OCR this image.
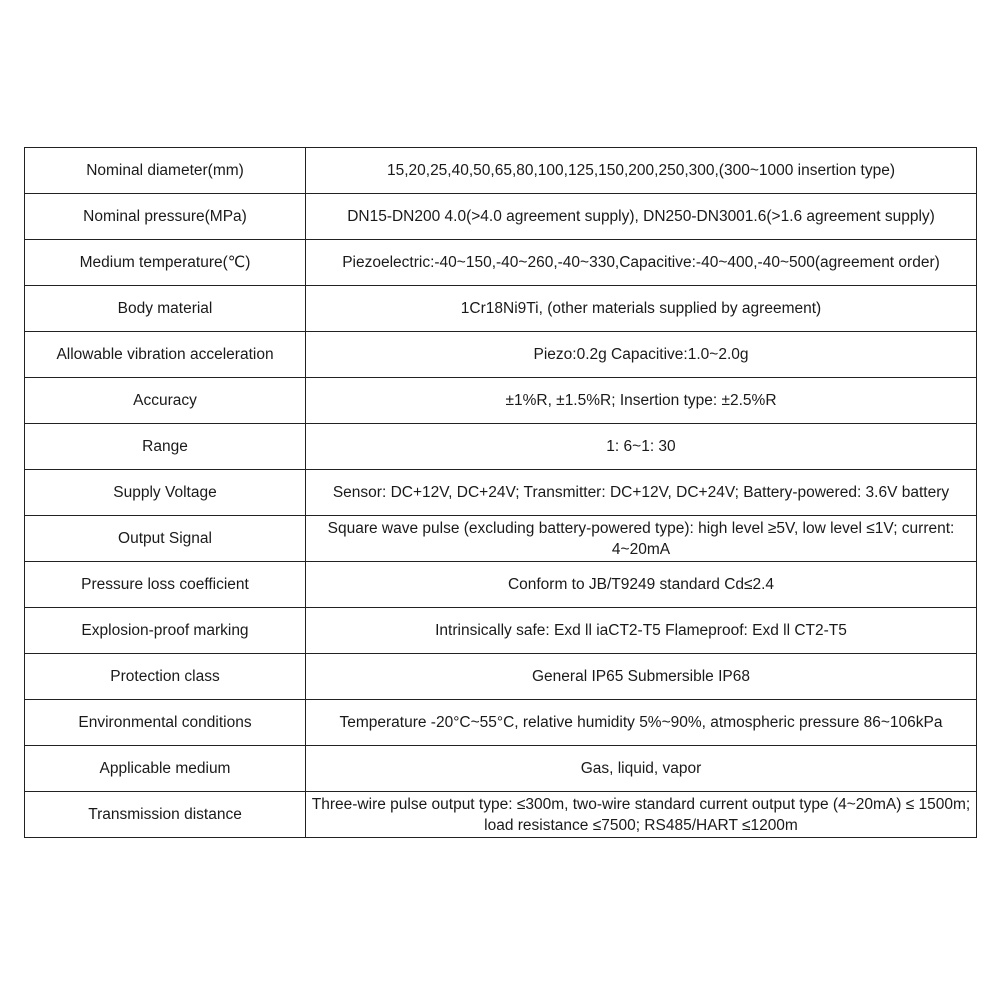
Nominal diameter(mm)	15,20,25,40,50,65,80,100,125,150,200,250,300,(300~1000 insertion type)
Nominal pressure(MPa)	DN15-DN200 4.0(>4.0 agreement supply), DN250-DN3001.6(>1.6 agreement supply)
Medium temperature(℃)	Piezoelectric:-40~150,-40~260,-40~330,Capacitive:-40~400,-40~500(agreement order)
Body material	1Cr18Ni9Ti, (other materials supplied by agreement)
Allowable vibration acceleration	Piezo:0.2g Capacitive:1.0~2.0g
Accuracy	±1%R, ±1.5%R; Insertion type: ±2.5%R
Range	1: 6~1: 30
Supply Voltage	Sensor: DC+12V, DC+24V; Transmitter: DC+12V, DC+24V; Battery-powered: 3.6V battery
Output Signal	Square wave pulse (excluding battery-powered type): high level ≥5V, low level ≤1V; current: 4~20mA
Pressure loss coefficient	Conform to JB/T9249 standard Cd≤2.4
Explosion-proof marking	Intrinsically safe: Exd ll iaCT2-T5 Flameproof: Exd ll CT2-T5
Protection class	General IP65 Submersible IP68
Environmental conditions	Temperature -20°C~55°C, relative humidity 5%~90%, atmospheric pressure 86~106kPa
Applicable medium	Gas, liquid, vapor
Transmission distance	Three-wire pulse output type: ≤300m, two-wire standard current output type (4~20mA) ≤ 1500m; load resistance ≤7500; RS485/HART ≤1200m
